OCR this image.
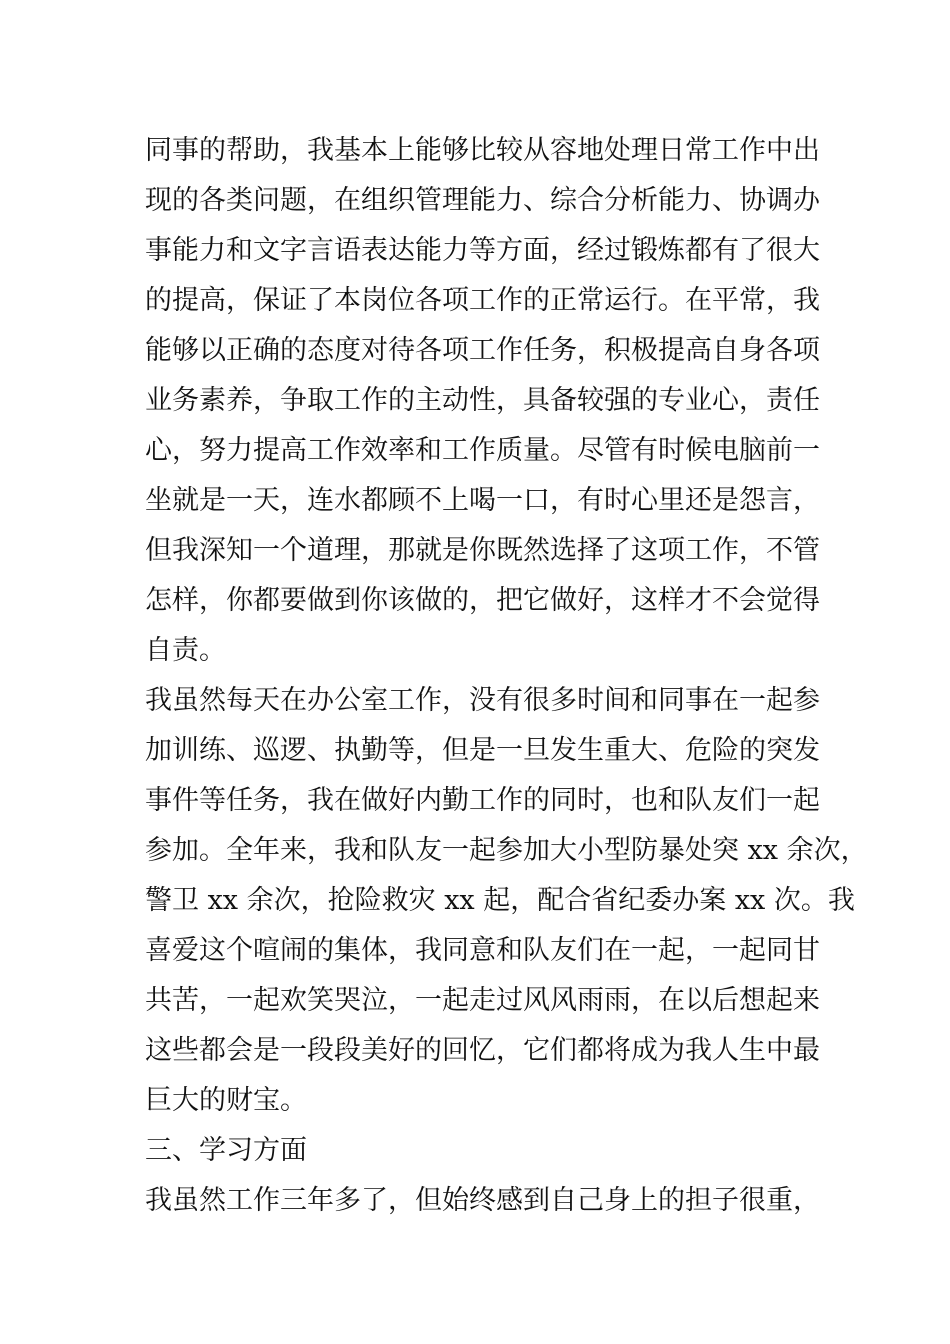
同事的帮助，我基本上能够比较从容地处理日常工作中出
现的各类问题，在组织管理能力、综合分析能力、协调办
事能力和文字言语表达能力等方面，经过锻炼都有了很大
的提高，保证了本岗位各项工作的正常运行。在平常，我
能够以正确的态度对待各项工作任务，积极提高自身各项
业务素养，争取工作的主动性，具备较强的专业心，责任
心，努力提高工作效率和工作质量。尽管有时候电脑前一
坐就是一天，连水都顾不上喝一口，有时心里还是怨言，
但我深知一个道理，那就是你既然选择了这项工作，不管
怎样，你都要做到你该做的，把它做好，这样才不会觉得
自责。
我虽然每天在办公室工作，没有很多时间和同事在一起参
加训练、巡逻、执勤等，但是一旦发生重大、危险的突发
事件等任务，我在做好内勤工作的同时，也和队友们一起
参加。全年来，我和队友一起参加大小型防暴处突 xx 余次，
警卫 xx 余次，抢险救灾 xx 起，配合省纪委办案 xx 次。我
喜爱这个喧闹的集体，我同意和队友们在一起，一起同甘
共苦，一起欢笑哭泣，一起走过风风雨雨，在以后想起来
这些都会是一段段美好的回忆，它们都将成为我人生中最
巨大的财宝。
三、学习方面
我虽然工作三年多了，但始终感到自己身上的担子很重，
